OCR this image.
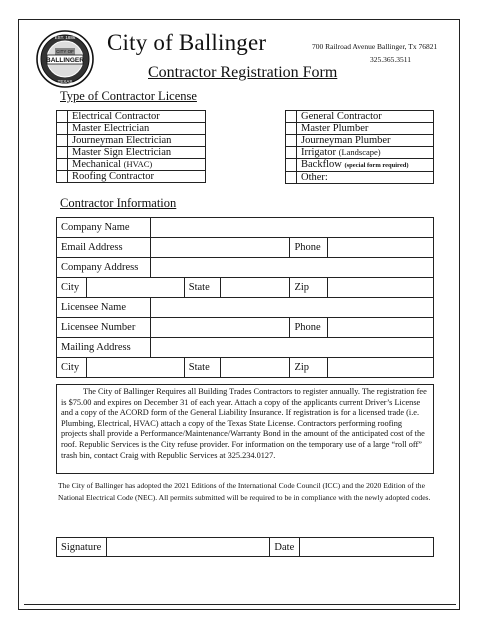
EST. 1886
CITY OF
BALLINGER
TEXAS
City of Ballinger	700 Railroad Avenue Ballinger, Tx 76821
325.365.3511
Contractor Registration Form
Type of Contractor License
	Electrical Contractor
	Master Electrician
	Journeyman Electrician
	Master Sign Electrician
	Mechanical (HVAC)
	Roofing Contractor
	General Contractor
	Master Plumber
	Journeyman Plumber
	Irrigator (Landscape)
	Backflow (special form required)
	Other:
Contractor Information
Company Name						
Email Address					Phone	
Company Address						
City			State		Zip	
Licensee Name						
Licensee Number					Phone	
Mailing Address						
City			State		Zip	
The City of Ballinger Requires all Building Trades Contractors to register annually. The registration fee is $75.00 and expires on December 31 of each year. Attach a copy of the applicants current Driver’s License and a copy of the ACORD form of the General Liability Insurance. If registration is for a licensed trade (i.e. Plumbing, Electrical, HVAC) attach a copy of the Texas State License. Contractors performing roofing projects shall provide a Performance/Maintenance/Warranty Bond in the amount of the anticipated cost of the roof. Republic Services is the City refuse provider. For information on the temporary use of a large “roll off” trash bin, contact Craig with Republic Services at 325.234.0127.
The City of Ballinger has adopted the 2021 Editions of the International Code Council (ICC) and the 2020 Edition of the National Electrical Code (NEC). All permits submitted will be required to be in compliance with the newly adopted codes.
Signature		Date	
